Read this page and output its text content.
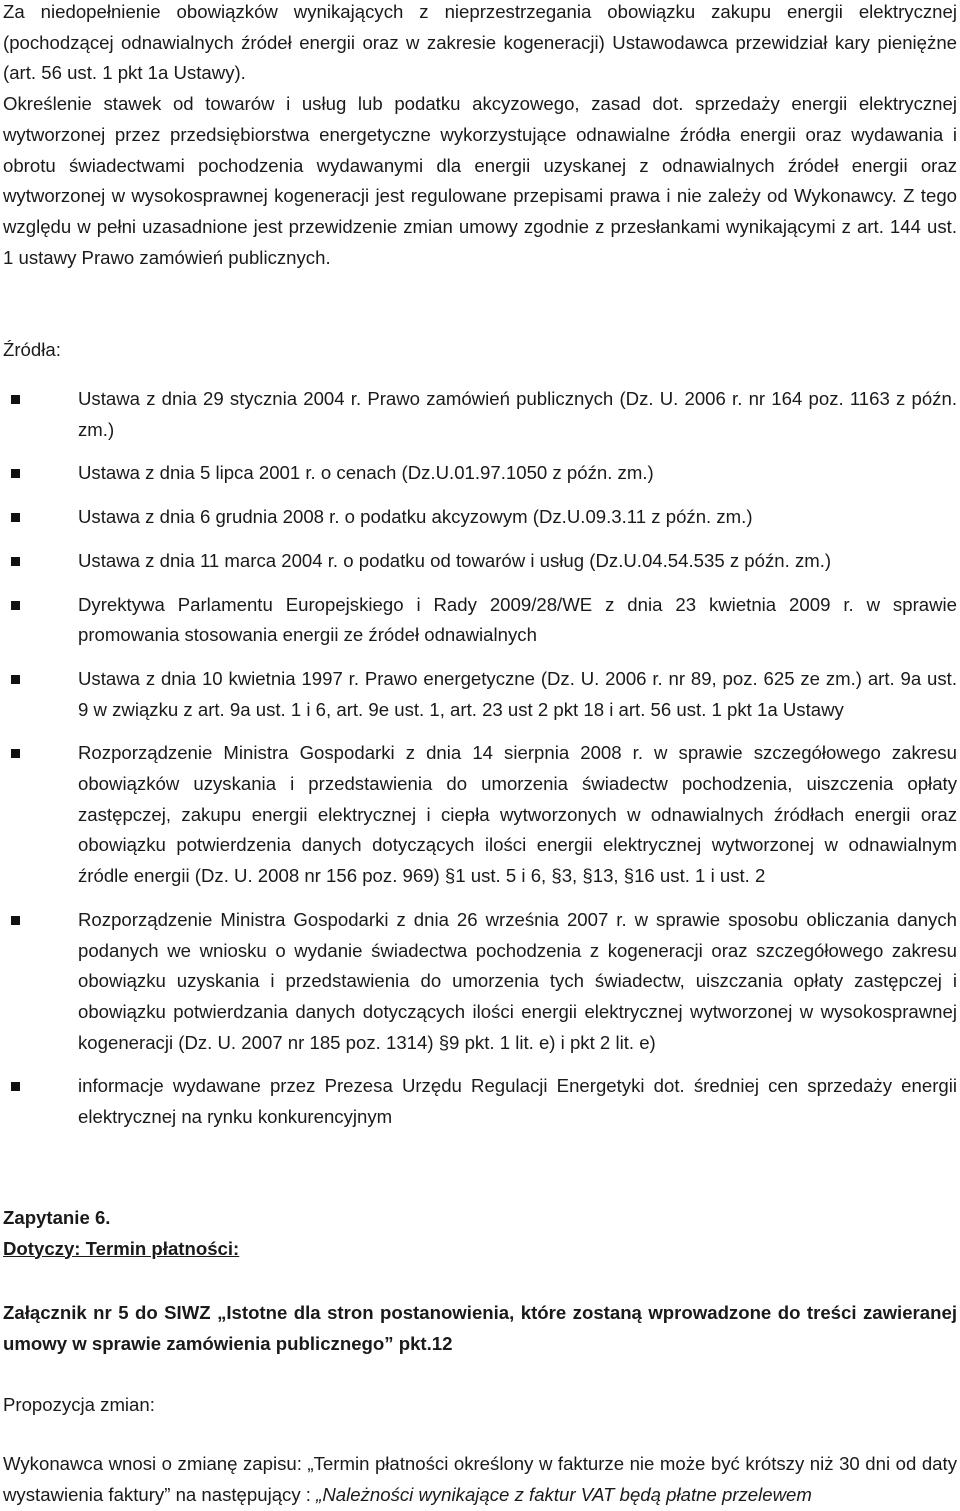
Za niedopełnienie obowiązków wynikających z nieprzestrzegania obowiązku zakupu energii elektrycznej (pochodzącej odnawialnych źródeł energii oraz w zakresie kogeneracji) Ustawodawca przewidział kary pieniężne (art. 56 ust. 1 pkt 1a Ustawy).

Określenie stawek od towarów i usług lub podatku akcyzowego, zasad dot. sprzedaży energii elektrycznej wytworzonej przez przedsiębiorstwa energetyczne wykorzystujące odnawialne źródła energii oraz wydawania i obrotu świadectwami pochodzenia wydawanymi dla energii uzyskanej z odnawialnych źródeł energii oraz wytworzonej w wysokosprawnej kogeneracji jest regulowane przepisami prawa i nie zależy od Wykonawcy. Z tego względu w pełni uzasadnione jest przewidzenie zmian umowy zgodnie z przesłankami wynikającymi z art. 144 ust. 1 ustawy Prawo zamówień publicznych.

Źródła:

Ustawa z dnia 29 stycznia 2004 r. Prawo zamówień publicznych (Dz. U. 2006 r. nr 164 poz. 1163 z późn. zm.)
Ustawa z dnia 5 lipca 2001 r. o cenach (Dz.U.01.97.1050 z późn. zm.)
Ustawa z dnia 6 grudnia 2008 r. o podatku akcyzowym (Dz.U.09.3.11 z późn. zm.)
Ustawa z dnia 11 marca 2004 r. o podatku od towarów i usług (Dz.U.04.54.535 z późn. zm.)
Dyrektywa Parlamentu Europejskiego i Rady 2009/28/WE z dnia 23 kwietnia 2009 r. w sprawie promowania stosowania energii ze źródeł odnawialnych
Ustawa z dnia 10 kwietnia 1997 r. Prawo energetyczne (Dz. U. 2006 r. nr 89, poz. 625 ze zm.) art. 9a ust. 9 w związku z art. 9a ust. 1 i 6, art. 9e ust. 1, art. 23 ust 2 pkt 18 i art. 56 ust. 1 pkt 1a Ustawy
Rozporządzenie Ministra Gospodarki z dnia 14 sierpnia 2008 r. w sprawie szczegółowego zakresu obowiązków uzyskania i przedstawienia do umorzenia świadectw pochodzenia, uiszczenia opłaty zastępczej, zakupu energii elektrycznej i ciepła wytworzonych w odnawialnych źródłach energii oraz obowiązku potwierdzenia danych dotyczących ilości energii elektrycznej wytworzonej w odnawialnym źródle energii (Dz. U. 2008 nr 156 poz. 969) §1 ust. 5 i 6, §3, §13, §16 ust. 1 i ust. 2
Rozporządzenie Ministra Gospodarki z dnia 26 września 2007 r. w sprawie sposobu obliczania danych podanych we wniosku o wydanie świadectwa pochodzenia z kogeneracji oraz szczegółowego zakresu obowiązku uzyskania i przedstawienia do umorzenia tych świadectw, uiszczania opłaty zastępczej i obowiązku potwierdzania danych dotyczących ilości energii elektrycznej wytworzonej w wysokosprawnej kogeneracji (Dz. U. 2007 nr 185 poz. 1314) §9 pkt. 1 lit. e) i pkt 2 lit. e)
informacje wydawane przez Prezesa Urzędu Regulacji Energetyki dot. średniej cen sprzedaży energii elektrycznej na rynku konkurencyjnym

Zapytanie 6.

Dotyczy: Termin płatności:

Załącznik nr 5 do SIWZ „Istotne dla stron postanowienia, które zostaną wprowadzone do treści zawieranej umowy w sprawie zamówienia publicznego” pkt.12

Propozycja zmian:

Wykonawca wnosi o zmianę zapisu: „Termin płatności określony w fakturze nie może być krótszy niż 30 dni od daty wystawienia faktury” na następujący : „Należności wynikające z faktur VAT będą płatne przelewem
